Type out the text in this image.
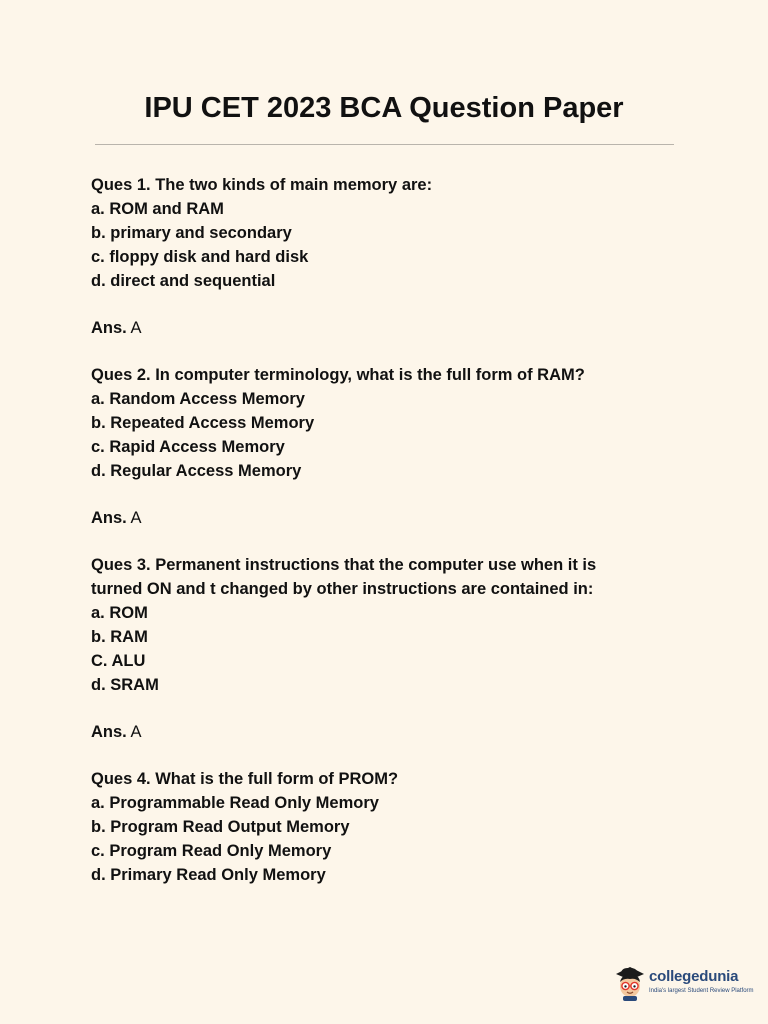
IPU CET 2023 BCA Question Paper
Ques 1. The two kinds of main memory are:
a. ROM and RAM
b. primary and secondary
c. floppy disk and hard disk
d. direct and sequential
Ans. A
Ques 2. In computer terminology, what is the full form of RAM?
a. Random Access Memory
b. Repeated Access Memory
c. Rapid Access Memory
d. Regular Access Memory
Ans. A
Ques 3. Permanent instructions that the computer use when it is
turned ON and t changed by other instructions are contained in:
a. ROM
b. RAM
C. ALU
d. SRAM
Ans. A
Ques 4. What is the full form of PROM?
a. Programmable Read Only Memory
b. Program Read Output Memory
c. Program Read Only Memory
d. Primary Read Only Memory
collegedunia
India's largest Student Review Platform
